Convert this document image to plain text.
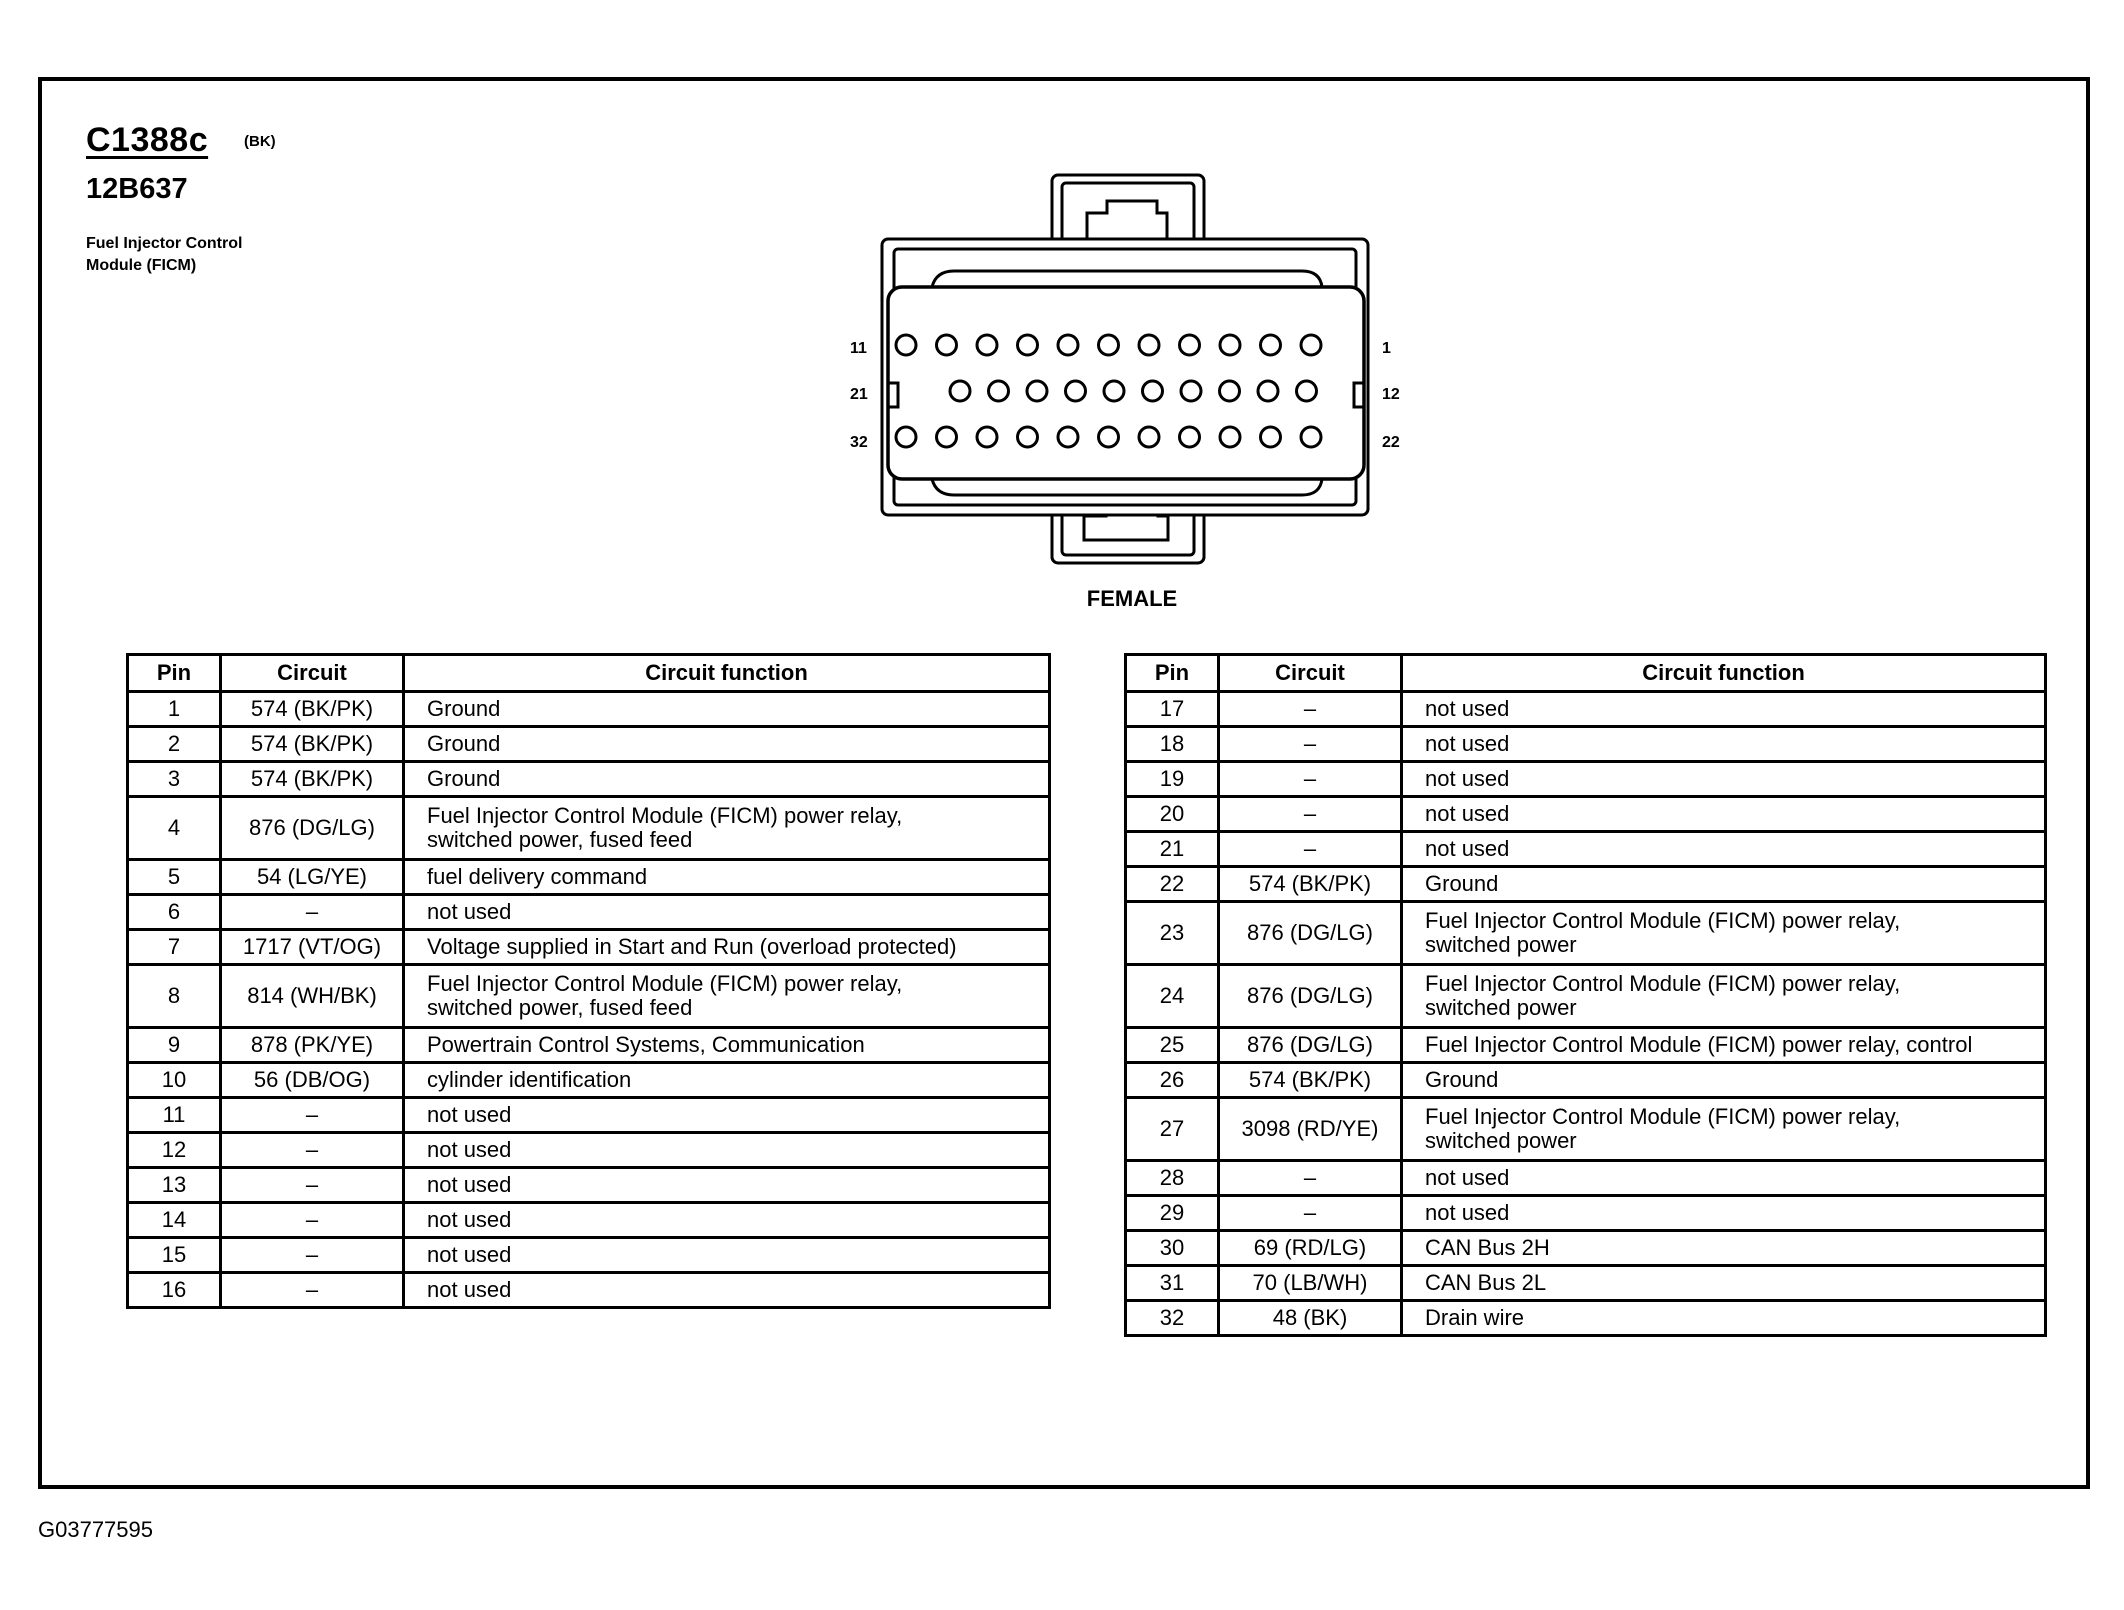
C1388c (BK)
12B637
Fuel Injector Control
Module (FICM)
11
21
32
1
12
22
FEMALE
Pin	Circuit	Circuit function
1	574 (BK/PK)	Ground

2	574 (BK/PK)	Ground

3	574 (BK/PK)	Ground

4	876 (DG/LG)	Fuel Injector Control Module (FICM) power relay,
switched power, fused feed

5	54 (LG/YE)	fuel delivery command

6	–	not used

7	1717 (VT/OG)	Voltage supplied in Start and Run (overload protected)

8	814 (WH/BK)	Fuel Injector Control Module (FICM) power relay,
switched power, fused feed

9	878 (PK/YE)	Powertrain Control Systems, Communication

10	56 (DB/OG)	cylinder identification

11	–	not used

12	–	not used

13	–	not used

14	–	not used

15	–	not used

16	–	not used
Pin	Circuit	Circuit function
17	–	not used

18	–	not used

19	–	not used

20	–	not used

21	–	not used

22	574 (BK/PK)	Ground

23	876 (DG/LG)	Fuel Injector Control Module (FICM) power relay,
switched power

24	876 (DG/LG)	Fuel Injector Control Module (FICM) power relay,
switched power

25	876 (DG/LG)	Fuel Injector Control Module (FICM) power relay, control

26	574 (BK/PK)	Ground

27	3098 (RD/YE)	Fuel Injector Control Module (FICM) power relay,
switched power

28	–	not used

29	–	not used

30	69 (RD/LG)	CAN Bus 2H

31	70 (LB/WH)	CAN Bus 2L

32	48 (BK)	Drain wire
G03777595
